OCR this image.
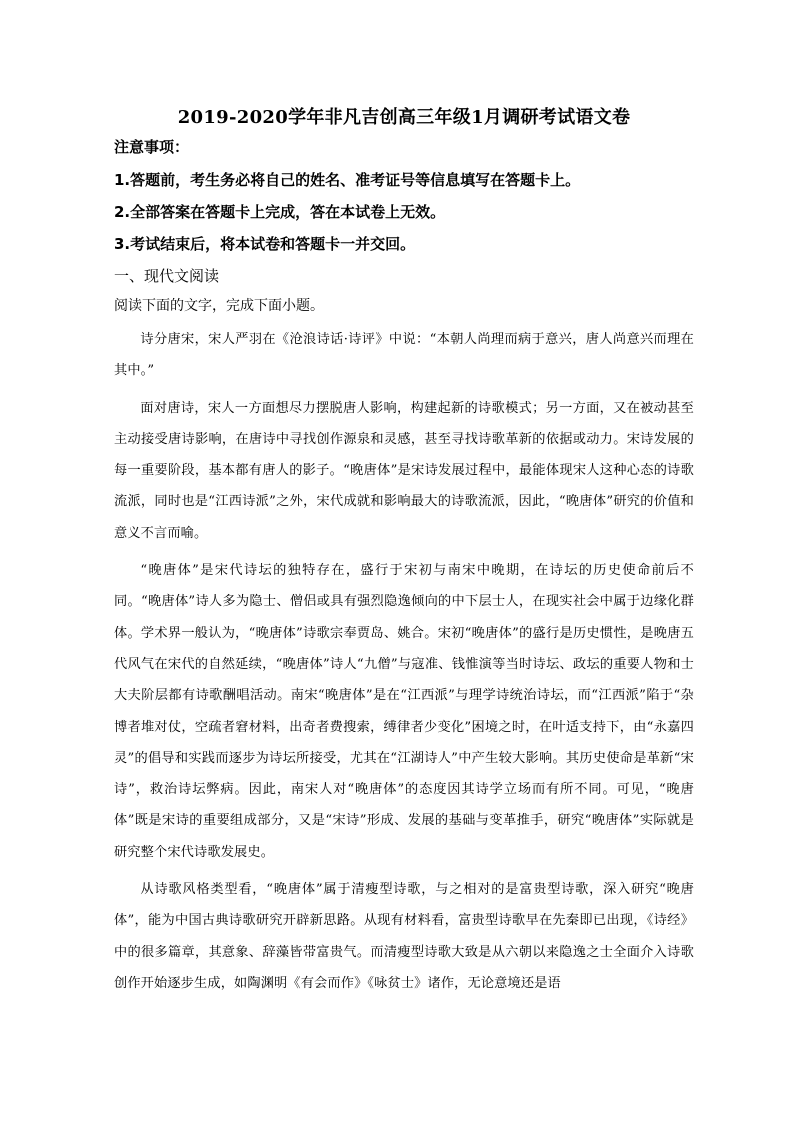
2019-2020学年非凡吉创高三年级1月调研考试语文卷

注意事项：

1.答题前，考生务必将自己的姓名、准考证号等信息填写在答题卡上。

2.全部答案在答题卡上完成，答在本试卷上无效。

3.考试结束后，将本试卷和答题卡一并交回。

一、现代文阅读

阅读下面的文字，完成下面小题。

诗分唐宋，宋人严羽在《沧浪诗话·诗评》中说：“本朝人尚理而病于意兴，唐人尚意兴而理在其中。”

面对唐诗，宋人一方面想尽力摆脱唐人影响，构建起新的诗歌模式；另一方面，又在被动甚至主动接受唐诗影响，在唐诗中寻找创作源泉和灵感，甚至寻找诗歌革新的依据或动力。宋诗发展的每一重要阶段，基本都有唐人的影子。“晚唐体”是宋诗发展过程中，最能体现宋人这种心态的诗歌流派，同时也是“江西诗派”之外，宋代成就和影响最大的诗歌流派，因此，“晚唐体”研究的价值和意义不言而喻。

“晚唐体”是宋代诗坛的独特存在，盛行于宋初与南宋中晚期，在诗坛的历史使命前后不同。“晚唐体”诗人多为隐士、僧侣或具有强烈隐逸倾向的中下层士人，在现实社会中属于边缘化群体。学术界一般认为，“晚唐体”诗歌宗奉贾岛、姚合。宋初“晚唐体”的盛行是历史惯性，是晚唐五代风气在宋代的自然延续，“晚唐体”诗人“九僧”与寇准、钱惟演等当时诗坛、政坛的重要人物和士大夫阶层都有诗歌酬唱活动。南宋“晚唐体”是在“江西派”与理学诗统治诗坛，而“江西派”陷于“杂博者堆对仗，空疏者窘材料，出奇者费搜索，缚律者少变化”困境之时，在叶适支持下，由“永嘉四灵”的倡导和实践而逐步为诗坛所接受，尤其在“江湖诗人”中产生较大影响。其历史使命是革新“宋诗”，救治诗坛弊病。因此，南宋人对“晚唐体”的态度因其诗学立场而有所不同。可见，“晚唐体”既是宋诗的重要组成部分，又是“宋诗”形成、发展的基础与变革推手，研究“晚唐体”实际就是研究整个宋代诗歌发展史。

从诗歌风格类型看，“晚唐体”属于清瘦型诗歌，与之相对的是富贵型诗歌，深入研究“晚唐体”，能为中国古典诗歌研究开辟新思路。从现有材料看，富贵型诗歌早在先秦即已出现，《诗经》中的很多篇章，其意象、辞藻皆带富贵气。而清瘦型诗歌大致是从六朝以来隐逸之士全面介入诗歌创作开始逐步生成，如陶渊明《有会而作》《咏贫士》诸作，无论意境还是语
